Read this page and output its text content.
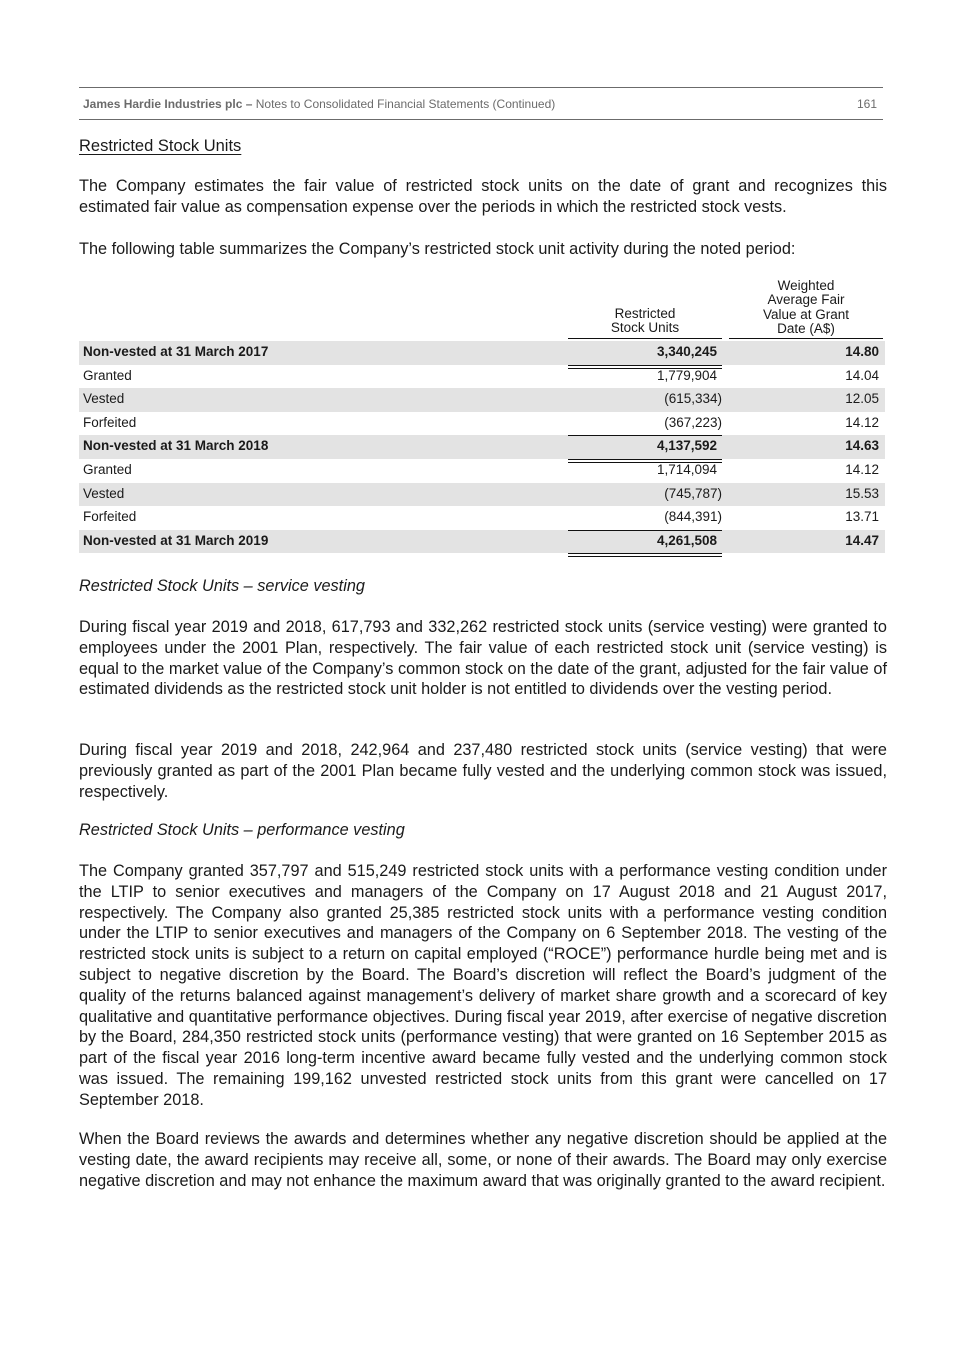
James Hardie Industries plc – Notes to Consolidated Financial Statements (Continued)	161
Restricted Stock Units

The Company estimates the fair value of restricted stock units on the date of grant and recognizes this estimated fair value as compensation expense over the periods in which the restricted stock vests.

The following table summarizes the Company’s restricted stock unit activity during the noted period:

Restricted Stock Units
Weighted Average Fair Value at Grant Date (A$)
Non-vested at 31 March 2017	3,340,245	14.80
Granted	1,779,904	14.04
Vested	(615,334)	12.05
Forfeited	(367,223)	14.12
Non-vested at 31 March 2018	4,137,592	14.63
Granted	1,714,094	14.12
Vested	(745,787)	15.53
Forfeited	(844,391)	13.71
Non-vested at 31 March 2019	4,261,508	14.47
Restricted Stock Units – service vesting

During fiscal year 2019 and 2018, 617,793 and 332,262 restricted stock units (service vesting) were granted to employees under the 2001 Plan, respectively. The fair value of each restricted stock unit (service vesting) is equal to the market value of the Company’s common stock on the date of the grant, adjusted for the fair value of estimated dividends as the restricted stock unit holder is not entitled to dividends over the vesting period.

During fiscal year 2019 and 2018, 242,964 and 237,480 restricted stock units (service vesting) that were previously granted as part of the 2001 Plan became fully vested and the underlying common stock was issued, respectively.

Restricted Stock Units – performance vesting

The Company granted 357,797 and 515,249 restricted stock units with a performance vesting condition under the LTIP to senior executives and managers of the Company on 17 August 2018 and 21 August 2017, respectively. The Company also granted 25,385 restricted stock units with a performance vesting condition under the LTIP to senior executives and managers of the Company on 6 September 2018. The vesting of the restricted stock units is subject to a return on capital employed (“ROCE”) performance hurdle being met and is subject to negative discretion by the Board. The Board’s discretion will reflect the Board’s judgment of the quality of the returns balanced against management’s delivery of market share growth and a scorecard of key qualitative and quantitative performance objectives. During fiscal year 2019, after exercise of negative discretion by the Board, 284,350 restricted stock units (performance vesting) that were granted on 16 September 2015 as part of the fiscal year 2016 long-term incentive award became fully vested and the underlying common stock was issued. The remaining 199,162 unvested restricted stock units from this grant were cancelled on 17 September 2018.

When the Board reviews the awards and determines whether any negative discretion should be applied at the vesting date, the award recipients may receive all, some, or none of their awards. The Board may only exercise negative discretion and may not enhance the maximum award that was originally granted to the award recipient.
